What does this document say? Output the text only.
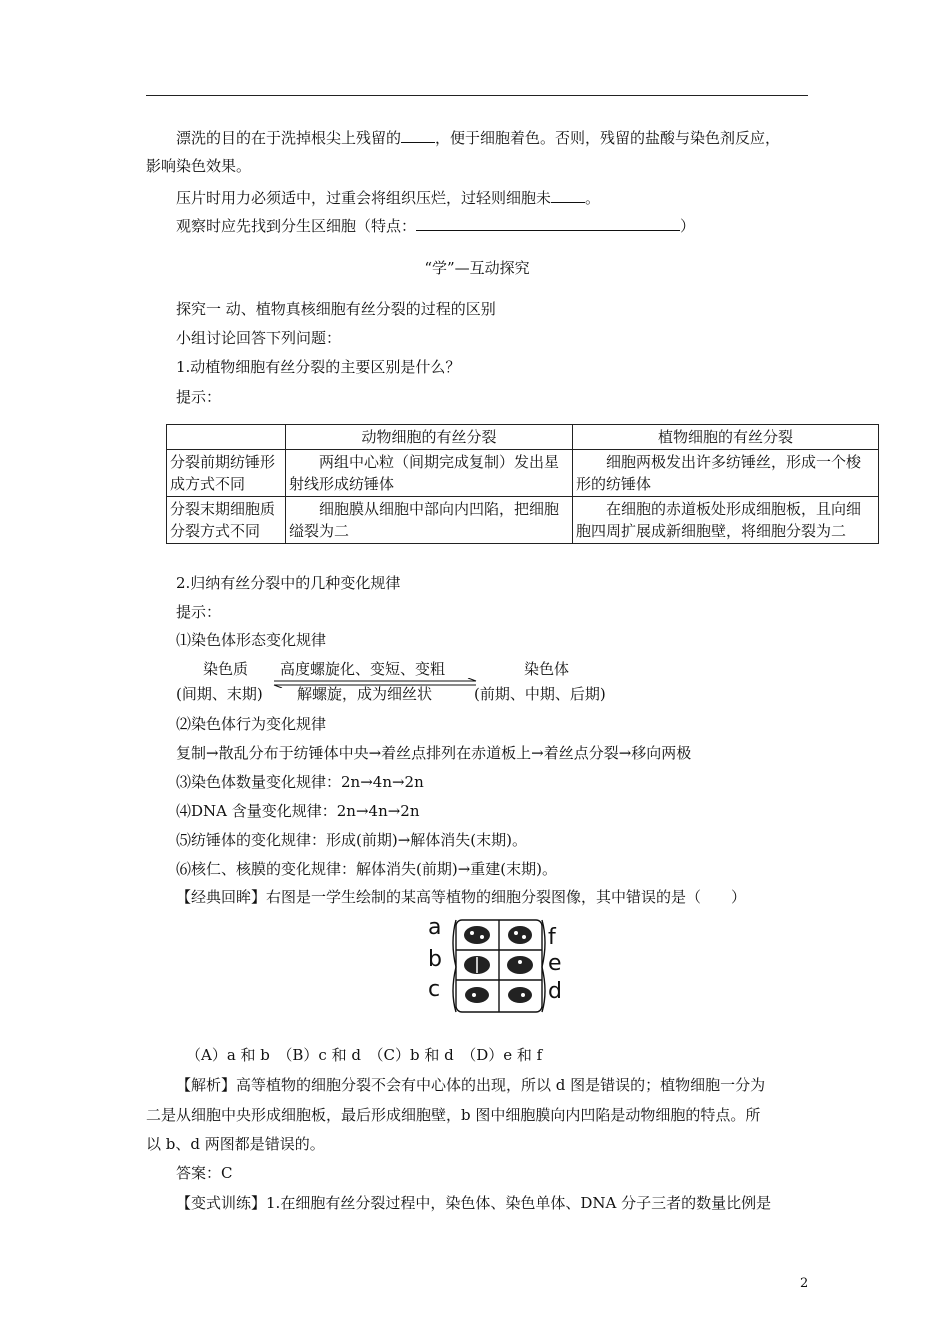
漂洗的目的在于洗掉根尖上残留的 ，便于细胞着色。否则，残留的盐酸与染色剂反应，
影响染色效果。
压片时用力必须适中，过重会将组织压烂，过轻则细胞未 。
观察时应先找到分生区细胞（特点：	）
“学”—互动探究
探究一 动、植物真核细胞有丝分裂的过程的区别
小组讨论回答下列问题：
1.动植物细胞有丝分裂的主要区别是什么？
提示：
	动物细胞的有丝分裂	植物细胞的有丝分裂
分裂前期纺锤形成方式不同	两组中心粒（间期完成复制）发出星射线形成纺锤体	细胞两极发出许多纺锤丝，形成一个梭形的纺锤体
分裂末期细胞质分裂方式不同	细胞膜从细胞中部向内凹陷，把细胞缢裂为二	在细胞的赤道板处形成细胞板，且向细胞四周扩展成新细胞壁，将细胞分裂为二
2.归纳有丝分裂中的几种变化规律
提示：
⑴染色体形态变化规律
染色质 高度螺旋化、变短、变粗	染色体
(间期、末期) 解螺旋，成为细丝状	(前期、中期、后期)
⑵染色体行为变化规律
复制→散乱分布于纺锤体中央→着丝点排列在赤道板上→着丝点分裂→移向两极
⑶染色体数量变化规律：2n→4n→2n
⑷DNA 含量变化规律：2n→4n→2n
⑸纺锤体的变化规律：形成(前期)→解体消失(末期)。
⑹核仁、核膜的变化规律：解体消失(前期)→重建(末期)。
【经典回眸】右图是一学生绘制的某高等植物的细胞分裂图像，其中错误的是（　　）
a
b
c
f
e
d
（A）a 和 b　（B）c 和 d　（C）b 和 d　（D）e 和 f
【解析】高等植物的细胞分裂不会有中心体的出现，所以 d 图是错误的；植物细胞一分为
二是从细胞中央形成细胞板，最后形成细胞壁，b 图中细胞膜向内凹陷是动物细胞的特点。所
以 b、d 两图都是错误的。
答案：C
【变式训练】1.在细胞有丝分裂过程中，染色体、染色单体、DNA 分子三者的数量比例是
2
